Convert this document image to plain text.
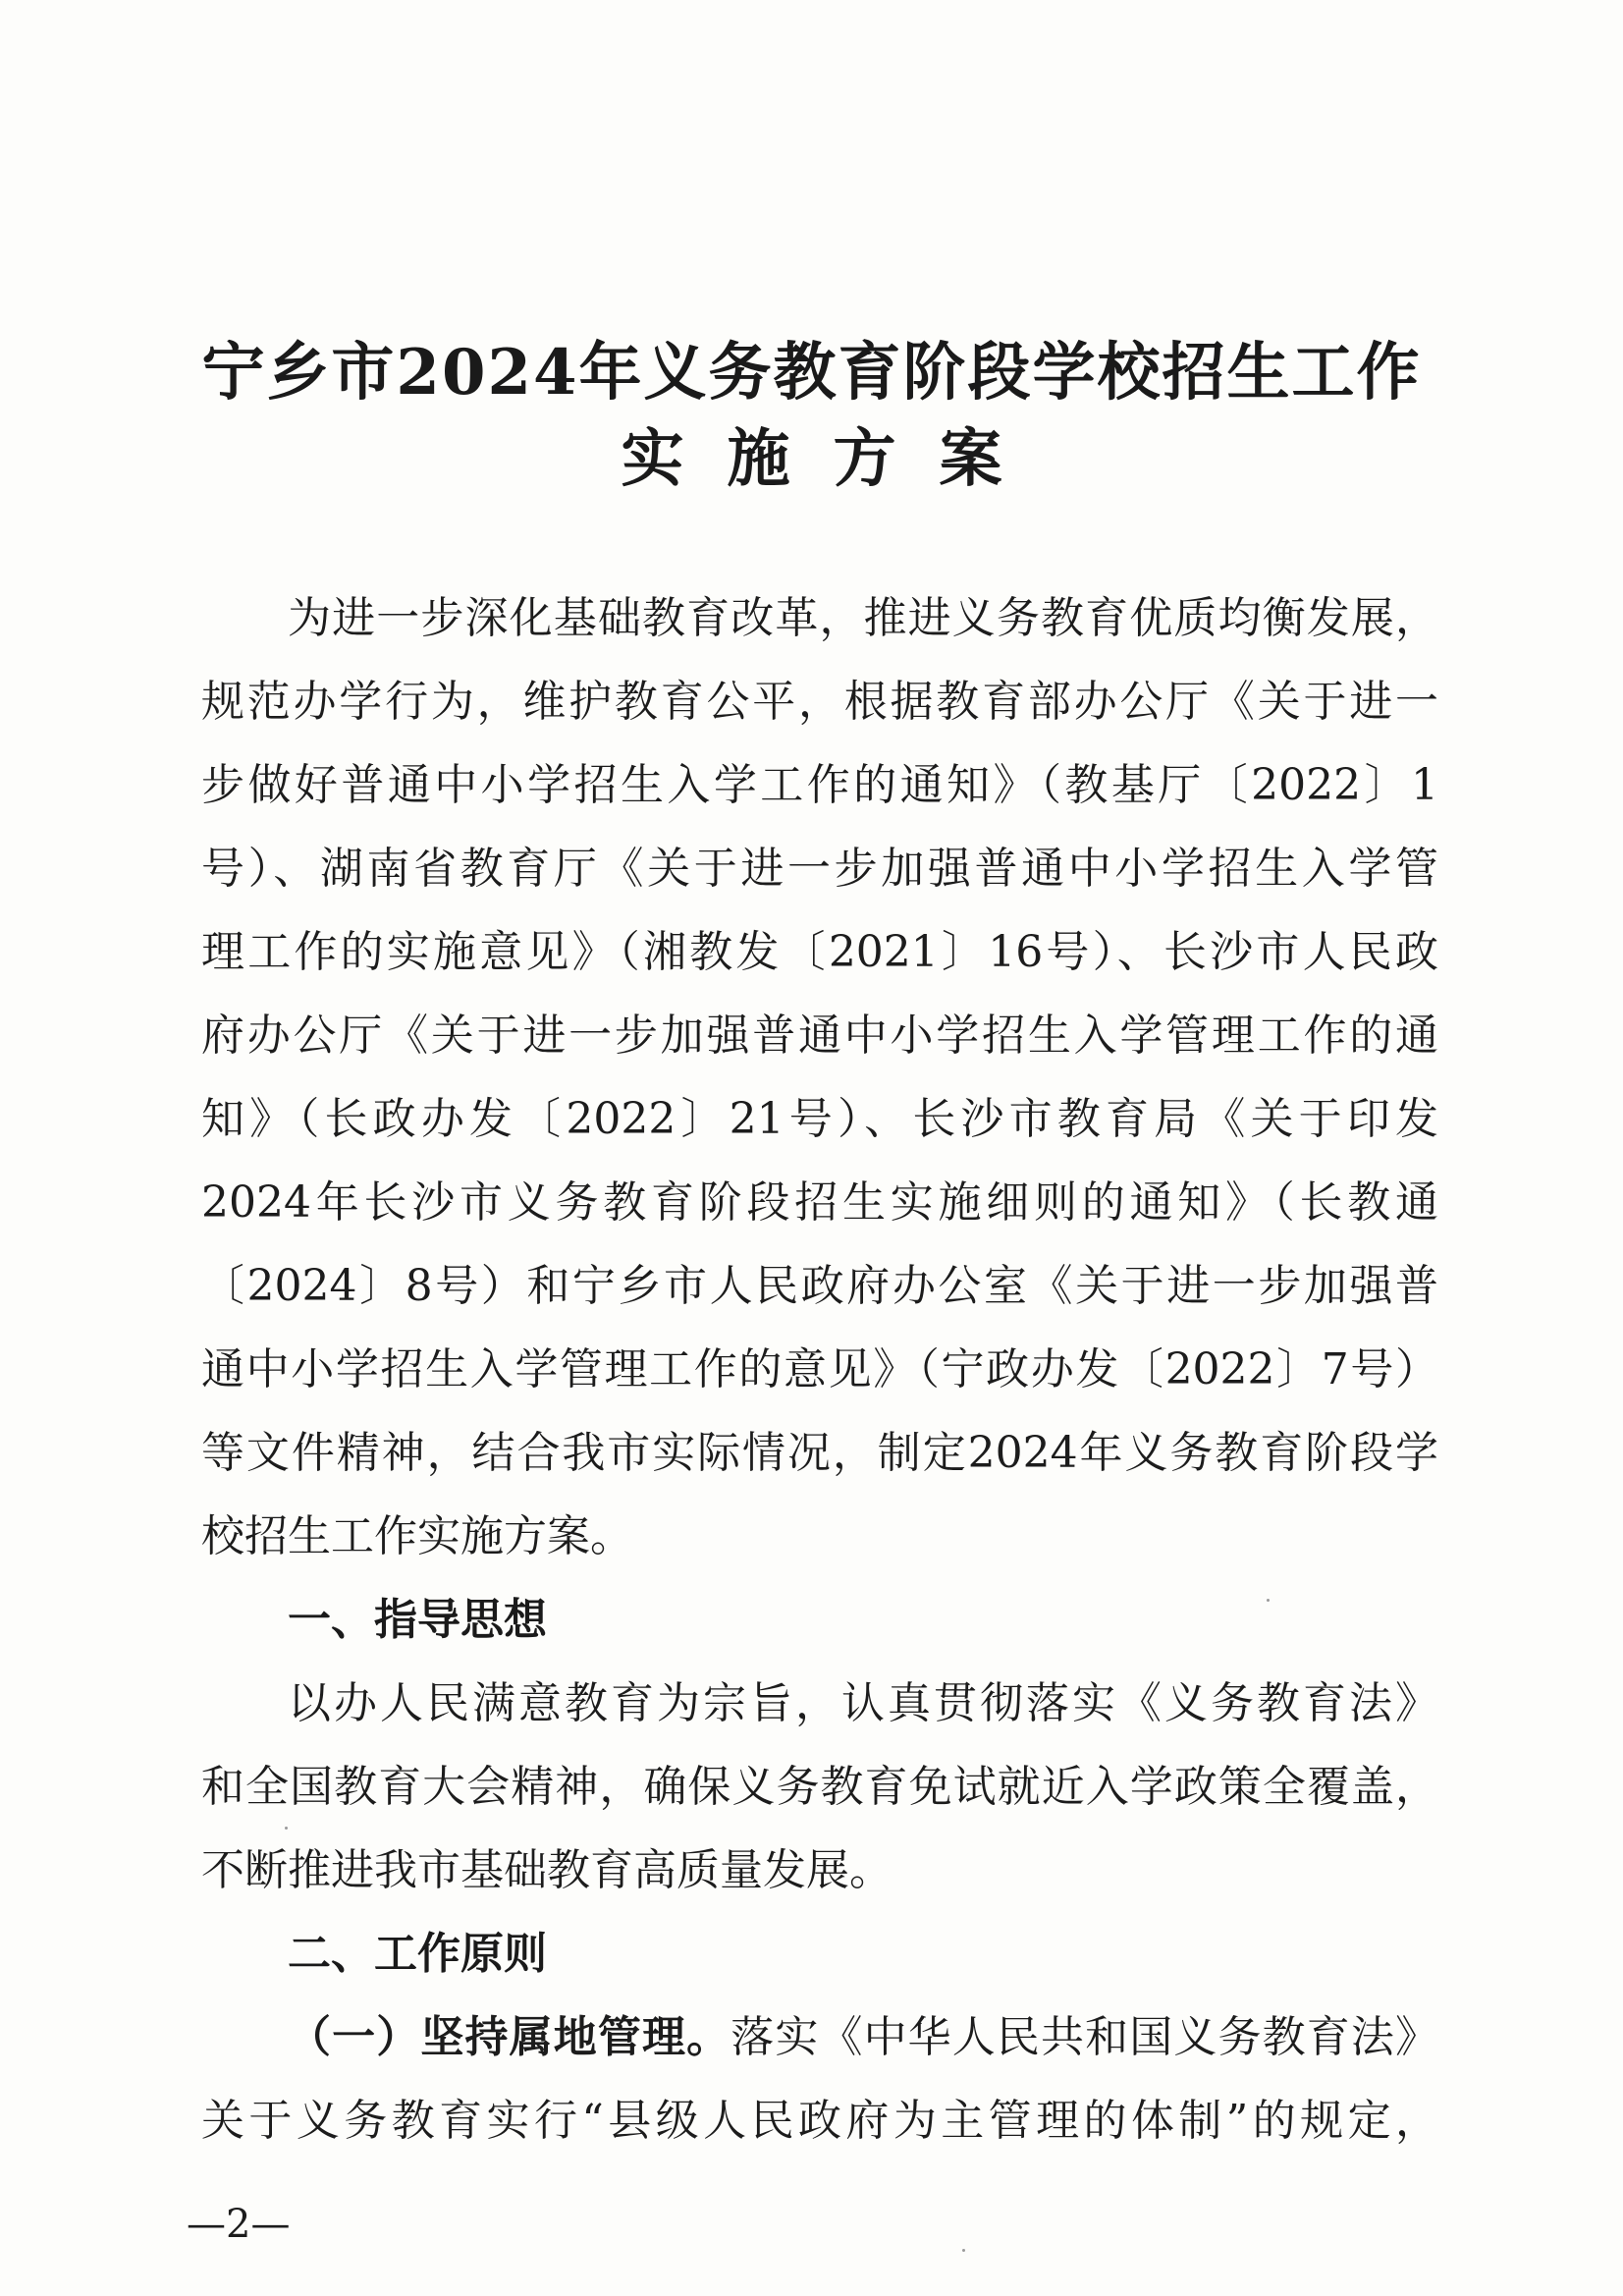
宁乡市2024年义务教育阶段学校招生工作
实施方案

为进一步深化基础教育改革，推进义务教育优质均衡发展，

规范办学行为，维护教育公平，根据教育部办公厅《关于进一

步做好普通中小学招生入学工作的通知》（教基厅〔2022〕1

号）、湖南省教育厅《关于进一步加强普通中小学招生入学管

理工作的实施意见》（湘教发〔2021〕16号）、长沙市人民政

府办公厅《关于进一步加强普通中小学招生入学管理工作的通

知》（长政办发〔2022〕21号）、长沙市教育局《关于印发

2024年长沙市义务教育阶段招生实施细则的通知》（长教通

〔2024〕8号）和宁乡市人民政府办公室《关于进一步加强普

通中小学招生入学管理工作的意见》（宁政办发〔2022〕7号）

等文件精神，结合我市实际情况，制定2024年义务教育阶段学

校招生工作实施方案。

一、指导思想

以办人民满意教育为宗旨，认真贯彻落实《义务教育法》

和全国教育大会精神，确保义务教育免试就近入学政策全覆盖，

不断推进我市基础教育高质量发展。

二、工作原则

（一）坚持属地管理。落实《中华人民共和国义务教育法》

关于义务教育实行“县级人民政府为主管理的体制”的规定，

—2—
